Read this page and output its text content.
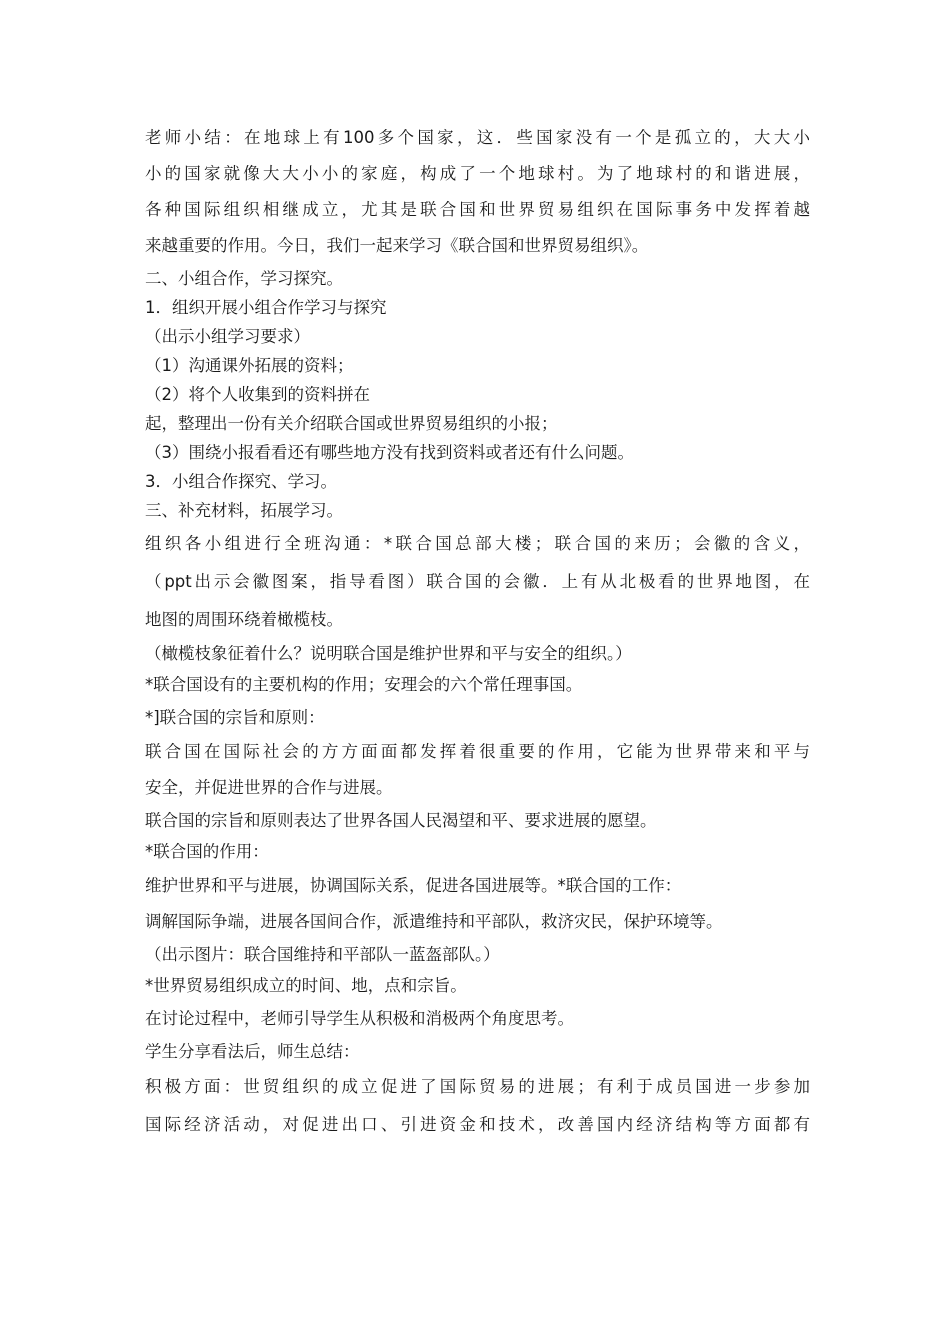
老师小结：在地球上有100多个国家，这．些国家没有一个是孤立的，大大小
小的国家就像大大小小的家庭，构成了一个地球村。为了地球村的和谐进展，
各种国际组织相继成立，尤其是联合国和世界贸易组织在国际事务中发挥着越
来越重要的作用。今日，我们一起来学习《联合国和世界贸易组织》。
二、小组合作，学习探究。
1．组织开展小组合作学习与探究
（出示小组学习要求）
（1）沟通课外拓展的资料；
（2）将个人收集到的资料拼在
起，整理出一份有关介绍联合国或世界贸易组织的小报；
（3）围绕小报看看还有哪些地方没有找到资料或者还有什么问题。
3．小组合作探究、学习。
三、补充材料，拓展学习。
组织各小组进行全班沟通：*联合国总部大楼；联合国的来历；会徽的含义，
（ppt出示会徽图案，指导看图）联合国的会徽．上有从北极看的世界地图，在
地图的周围环绕着橄榄枝。
（橄榄枝象征着什么？说明联合国是维护世界和平与安全的组织。）
*联合国设有的主要机构的作用；安理会的六个常任理事国。
*]联合国的宗旨和原则：
联合国在国际社会的方方面面都发挥着很重要的作用，它能为世界带来和平与
安全，并促进世界的合作与进展。
联合国的宗旨和原则表达了世界各国人民渴望和平、要求进展的愿望。
*联合国的作用：
维护世界和平与进展，协调国际关系，促进各国进展等。*联合国的工作：
调解国际争端，进展各国间合作，派遣维持和平部队，救济灾民，保护环境等。
（出示图片：联合国维持和平部队一蓝盔部队。）
*世界贸易组织成立的时间、地，点和宗旨。
在讨论过程中，老师引导学生从积极和消极两个角度思考。
学生分享看法后，师生总结：
积极方面：世贸组织的成立促进了国际贸易的进展；有利于成员国进一步参加
国际经济活动，对促进出口、引进资金和技术，改善国内经济结构等方面都有
